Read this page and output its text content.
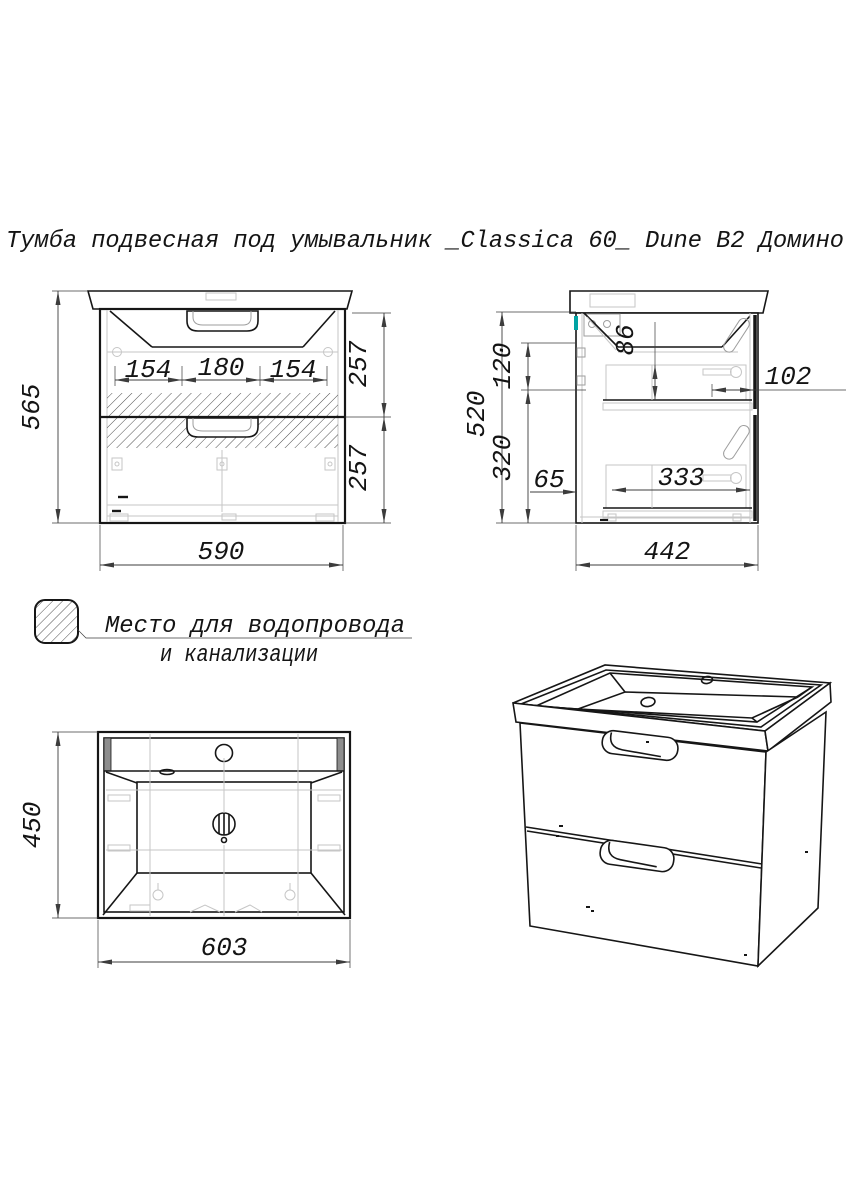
Тумба подвесная под умывальник _Classica 60_ Dune B2 Домино
565
590
154 180 154 257
257
520
120
320
86
102
65	333
442
Место для водопровода
и канализации
450
603
